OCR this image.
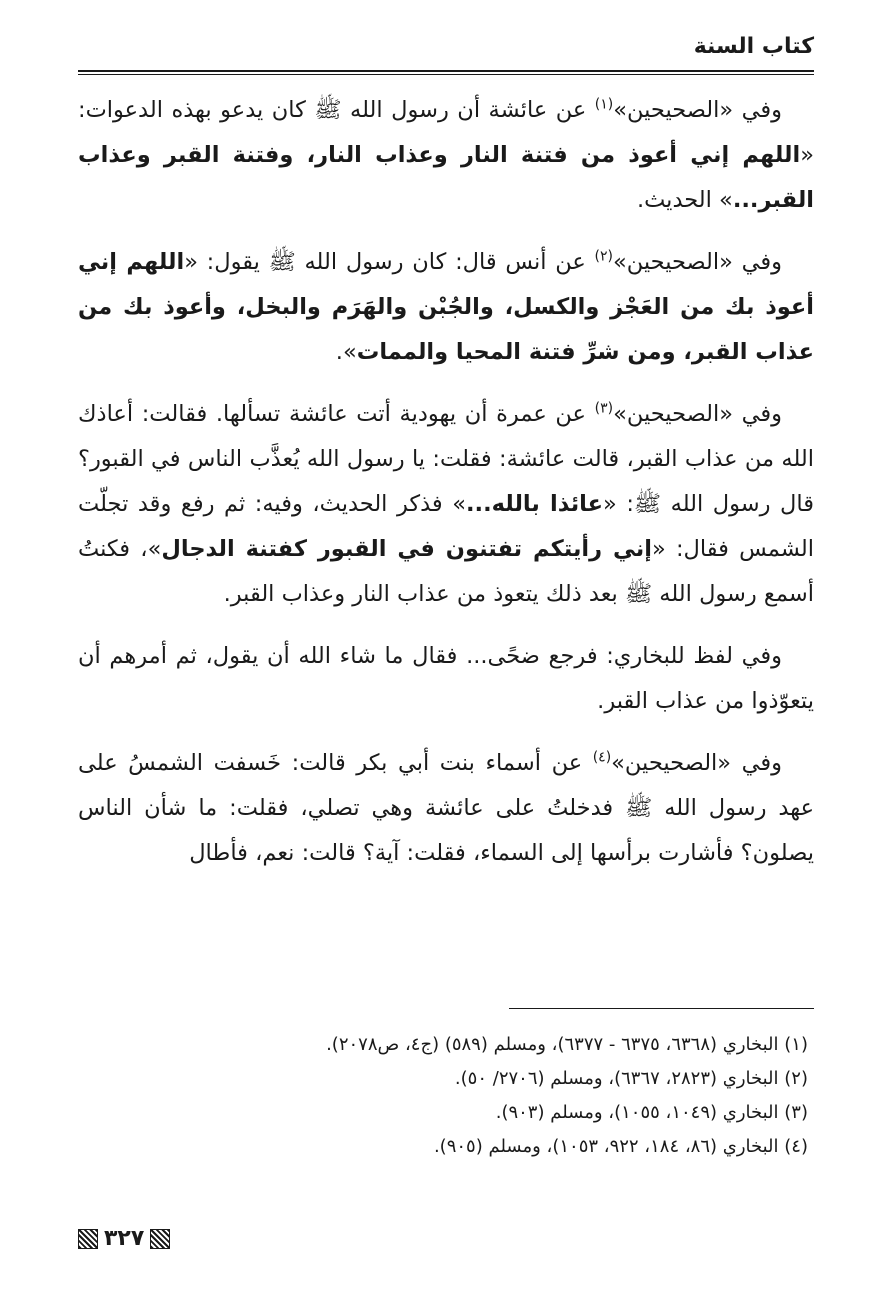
كتاب السنة

وفي «الصحيحين»$^{(١)}$ عن عائشة أن رسول الله ﷺ كان يدعو بهذه الدعوات: «اللهم إني أعوذ من فتنة النار وعذاب النار، وفتنة القبر وعذاب القبر...» الحديث.

وفي «الصحيحين»$^{(٢)}$ عن أنس قال: كان رسول الله ﷺ يقول: «اللهم إني أعوذ بك من العَجْز والكسل، والجُبْن والهَرَم والبخل، وأعوذ بك من عذاب القبر، ومن شرِّ فتنة المحيا والممات».

وفي «الصحيحين»$^{(٣)}$ عن عمرة أن يهودية أتت عائشة تسألها. فقالت: أعاذك الله من عذاب القبر، قالت عائشة: فقلت: يا رسول الله يُعذَّب الناس في القبور؟ قال رسول الله ﷺ: «عائذا بالله...» فذكر الحديث، وفيه: ثم رفع وقد تجلّت الشمس فقال: «إني رأيتكم تفتنون في القبور كفتنة الدجال»، فكنتُ أسمع رسول الله ﷺ بعد ذلك يتعوذ من عذاب النار وعذاب القبر.

وفي لفظ للبخاري: فرجع ضحًى... فقال ما شاء الله أن يقول، ثم أمرهم أن يتعوّذوا من عذاب القبر.

وفي «الصحيحين»$^{(٤)}$ عن أسماء بنت أبي بكر قالت: خَسفت الشمسُ على عهد رسول الله ﷺ فدخلتُ على عائشة وهي تصلي، فقلت: ما شأن الناس يصلون؟ فأشارت برأسها إلى السماء، فقلت: آية؟ قالت: نعم، فأطال

(١) البخاري (٦٣٦٨، ٦٣٧٥ - ٦٣٧٧)، ومسلم (٥٨٩) (ج٤، ص٢٠٧٨).

(٢) البخاري (٢٨٢٣، ٦٣٦٧)، ومسلم (٢٧٠٦/ ٥٠).

(٣) البخاري (١٠٤٩، ١٠٥٥)، ومسلم (٩٠٣).

(٤) البخاري (٨٦، ١٨٤، ٩٢٢، ١٠٥٣)، ومسلم (٩٠٥).

٣٢٧
